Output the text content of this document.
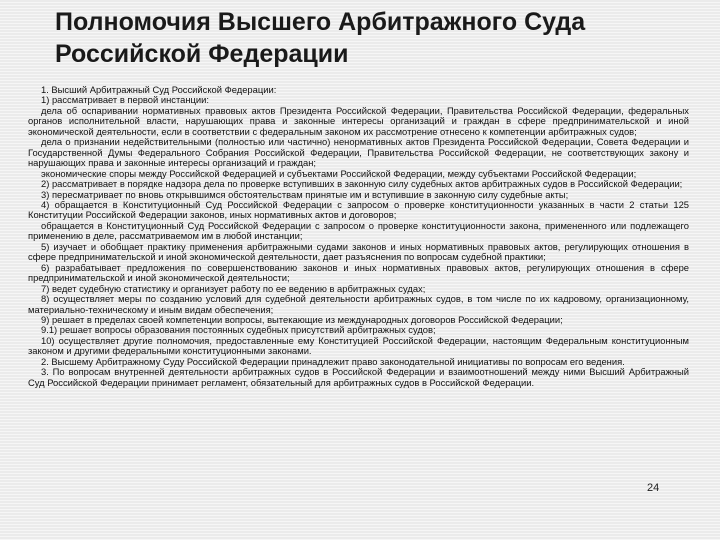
Полномочия Высшего Арбитражного Суда
Российской Федерации

1. Высший Арбитражный Суд Российской Федерации:

1) рассматривает в первой инстанции:

дела об оспаривании нормативных правовых актов Президента Российской Федерации, Правительства Российской Федерации, федеральных органов исполнительной власти, нарушающих права и законные интересы организаций и граждан в сфере предпринимательской и иной экономической деятельности, если в соответствии с федеральным законом их рассмотрение отнесено к компетенции арбитражных судов;

дела о признании недействительными (полностью или частично) ненормативных актов Президента Российской Федерации, Совета Федерации и Государственной Думы Федерального Собрания Российской Федерации, Правительства Российской Федерации, не соответствующих закону и нарушающих права и законные интересы организаций и граждан;

экономические споры между Российской Федерацией и субъектами Российской Федерации, между субъектами Российской Федерации;

2) рассматривает в порядке надзора дела по проверке вступивших в законную силу судебных актов арбитражных судов в Российской Федерации;

3) пересматривает по вновь открывшимся обстоятельствам принятые им и вступившие в законную силу судебные акты;

4) обращается в Конституционный Суд Российской Федерации с запросом о проверке конституционности указанных в части 2 статьи 125 Конституции Российской Федерации законов, иных нормативных актов и договоров;

обращается в Конституционный Суд Российской Федерации с запросом о проверке конституционности закона, примененного или подлежащего применению в деле, рассматриваемом им в любой инстанции;

5) изучает и обобщает практику применения арбитражными судами законов и иных нормативных правовых актов, регулирующих отношения в сфере предпринимательской и иной экономической деятельности, дает разъяснения по вопросам судебной практики;

6) разрабатывает предложения по совершенствованию законов и иных нормативных правовых актов, регулирующих отношения в сфере предпринимательской и иной экономической деятельности;

7) ведет судебную статистику и организует работу по ее ведению в арбитражных судах;

8) осуществляет меры по созданию условий для судебной деятельности арбитражных судов, в том числе по их кадровому, организационному, материально-техническому и иным видам обеспечения;

9) решает в пределах своей компетенции вопросы, вытекающие из международных договоров Российской Федерации;

9.1) решает вопросы образования постоянных судебных присутствий арбитражных судов;

10) осуществляет другие полномочия, предоставленные ему Конституцией Российской Федерации, настоящим Федеральным конституционным законом и другими федеральными конституционными законами.

2. Высшему Арбитражному Суду Российской Федерации принадлежит право законодательной инициативы по вопросам его ведения.

3. По вопросам внутренней деятельности арбитражных судов в Российской Федерации и взаимоотношений между ними Высший Арбитражный Суд Российской Федерации принимает регламент, обязательный для арбитражных судов в Российской Федерации.

24
